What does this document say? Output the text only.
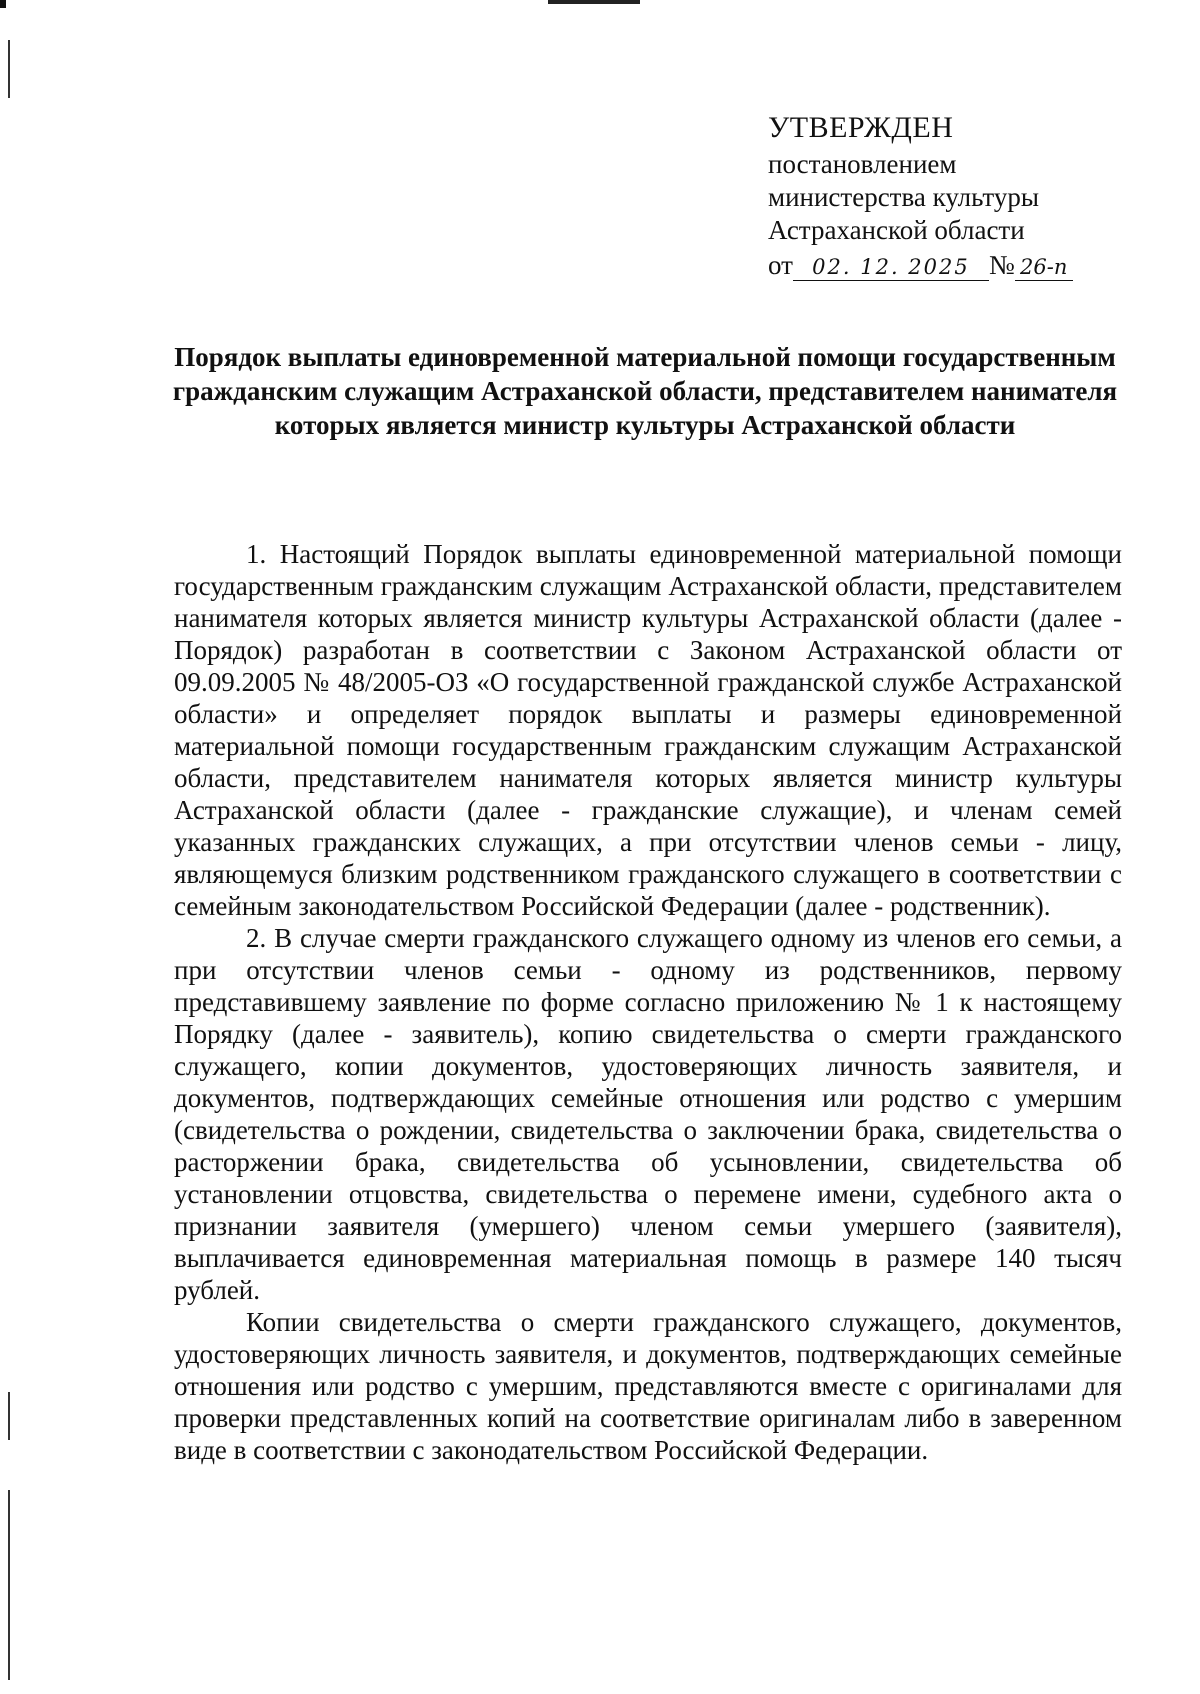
УТВЕРЖДЕН
постановлением
министерства культуры
Астраханской области
от 02. 12. 2025 № 26-п
Порядок выплаты единовременной материальной помощи государственным гражданским служащим Астраханской области, представителем нанимателя которых является министр культуры Астраханской области

1. Настоящий Порядок выплаты единовременной материальной помощи государственным гражданским служащим Астраханской области, представителем нанимателя которых является министр культуры Астраханской области (далее - Порядок) разработан в соответствии с Законом Астраханской области от 09.09.2005 № 48/2005-ОЗ «О государственной гражданской службе Астраханской области» и определяет порядок выплаты и размеры единовременной материальной помощи государственным гражданским служащим Астраханской области, представителем нанимателя которых является министр культуры Астраханской области (далее - гражданские служащие), и членам семей указанных гражданских служащих, а при отсутствии членов семьи - лицу, являющемуся близким родственником гражданского служащего в соответствии с семейным законодательством Российской Федерации (далее - родственник).

2. В случае смерти гражданского служащего одному из членов его семьи, а при отсутствии членов семьи - одному из родственников, первому представившему заявление по форме согласно приложению № 1 к настоящему Порядку (далее - заявитель), копию свидетельства о смерти гражданского служащего, копии документов, удостоверяющих личность заявителя, и документов, подтверждающих семейные отношения или родство с умершим (свидетельства о рождении, свидетельства о заключении брака, свидетельства о расторжении брака, свидетельства об усыновлении, свидетельства об установлении отцовства, свидетельства о перемене имени, судебного акта о признании заявителя (умершего) членом семьи умершего (заявителя), выплачивается единовременная материальная помощь в размере 140 тысяч рублей.

Копии свидетельства о смерти гражданского служащего, документов, удостоверяющих личность заявителя, и документов, подтверждающих семейные отношения или родство с умершим, представляются вместе с оригиналами для проверки представленных копий на соответствие оригиналам либо в заверенном виде в соответствии с законодательством Российской Федерации.
